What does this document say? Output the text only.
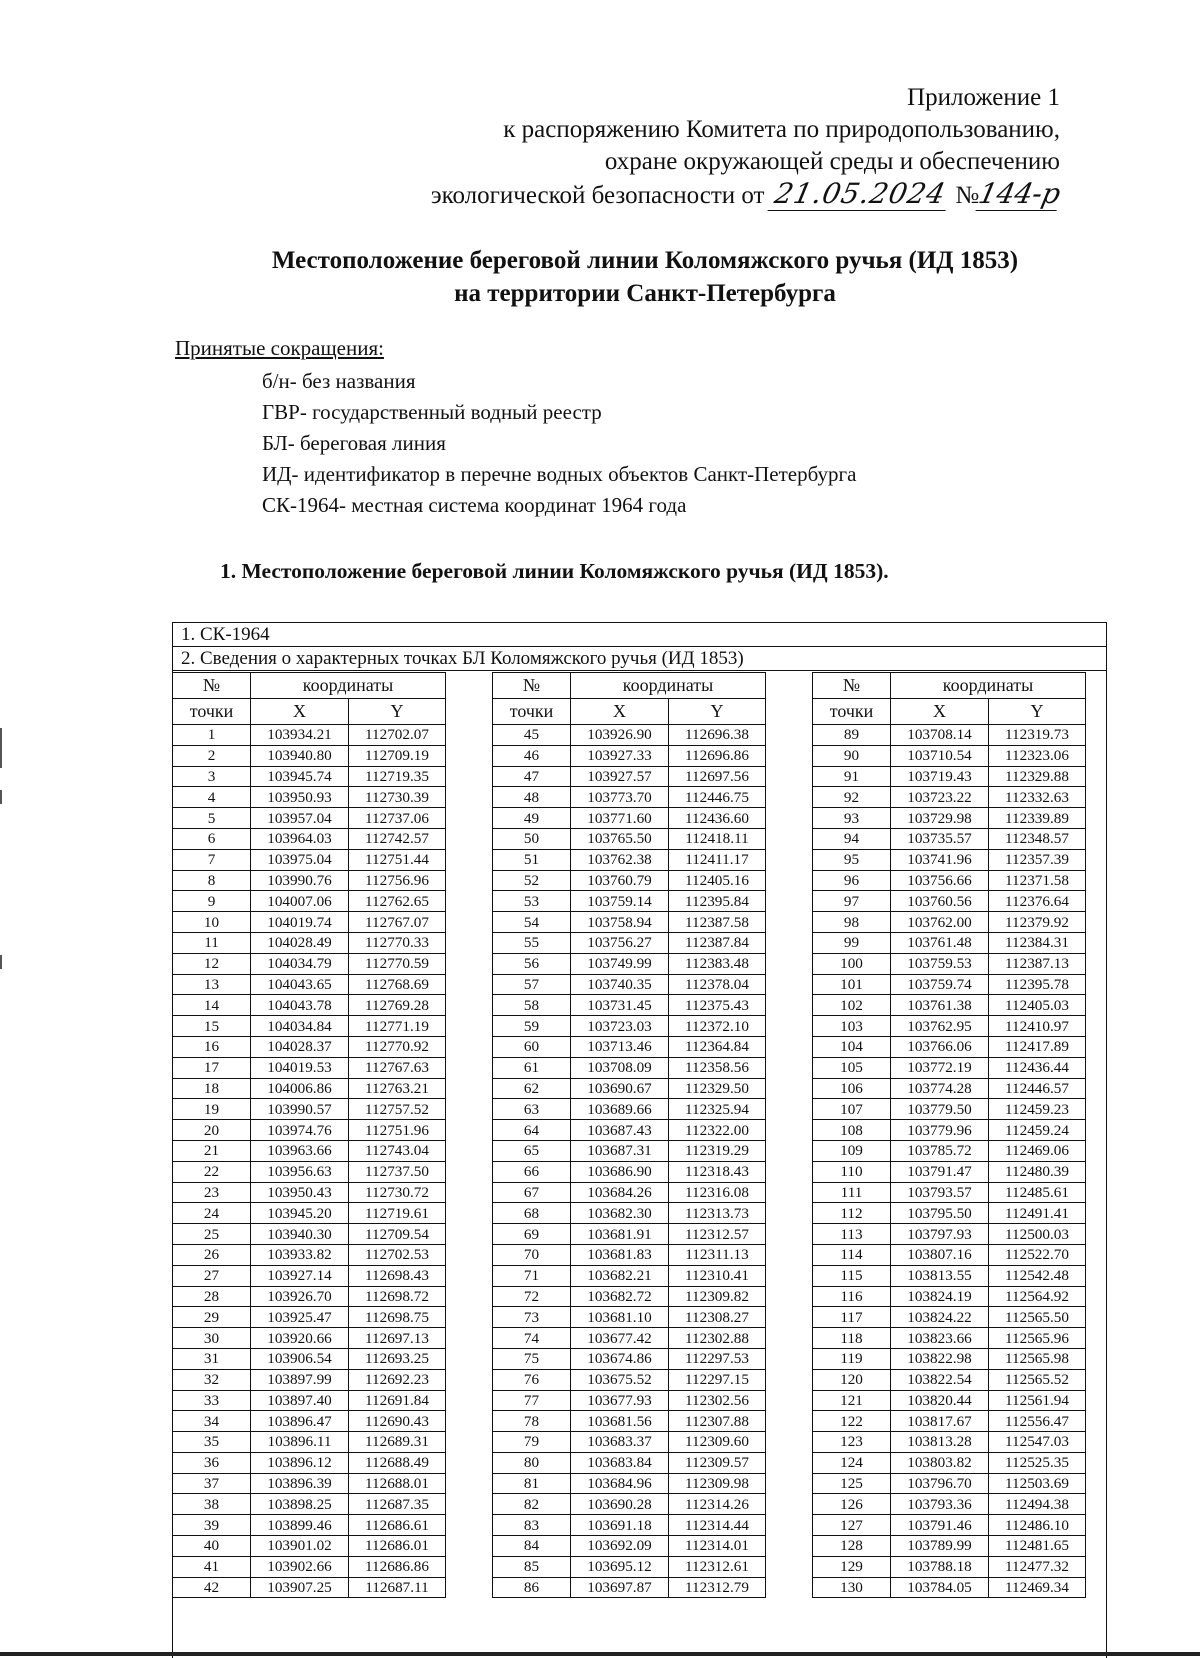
Приложение 1
к распоряжению Комитета по природопользованию,
охране окружающей среды и обеспечению
экологической безопасности от 21.05.2024 №144-р
Местоположение береговой линии Коломяжского ручья (ИД 1853)
на территории Санкт-Петербурга
Принятые сокращения:
б/н- без названия
ГВР- государственный водный реестр
БЛ- береговая линия
ИД- идентификатор в перечне водных объектов Санкт-Петербурга
СК-1964- местная система координат 1964 года
1. Местоположение береговой линии Коломяжского ручья (ИД 1853).
1. СК-1964
2. Сведения о характерных точках БЛ Коломяжского ручья (ИД 1853)
№	координаты	
точки	X	Y
1	103934.21	112702.07
2	103940.80	112709.19
3	103945.74	112719.35
4	103950.93	112730.39
5	103957.04	112737.06
6	103964.03	112742.57
7	103975.04	112751.44
8	103990.76	112756.96
9	104007.06	112762.65
10	104019.74	112767.07
11	104028.49	112770.33
12	104034.79	112770.59
13	104043.65	112768.69
14	104043.78	112769.28
15	104034.84	112771.19
16	104028.37	112770.92
17	104019.53	112767.63
18	104006.86	112763.21
19	103990.57	112757.52
20	103974.76	112751.96
21	103963.66	112743.04
22	103956.63	112737.50
23	103950.43	112730.72
24	103945.20	112719.61
25	103940.30	112709.54
26	103933.82	112702.53
27	103927.14	112698.43
28	103926.70	112698.72
29	103925.47	112698.75
30	103920.66	112697.13
31	103906.54	112693.25
32	103897.99	112692.23
33	103897.40	112691.84
34	103896.47	112690.43
35	103896.11	112689.31
36	103896.12	112688.49
37	103896.39	112688.01
38	103898.25	112687.35
39	103899.46	112686.61
40	103901.02	112686.01
41	103902.66	112686.86
42	103907.25	112687.11
№	координаты	
точки	X	Y
45	103926.90	112696.38
46	103927.33	112696.86
47	103927.57	112697.56
48	103773.70	112446.75
49	103771.60	112436.60
50	103765.50	112418.11
51	103762.38	112411.17
52	103760.79	112405.16
53	103759.14	112395.84
54	103758.94	112387.58
55	103756.27	112387.84
56	103749.99	112383.48
57	103740.35	112378.04
58	103731.45	112375.43
59	103723.03	112372.10
60	103713.46	112364.84
61	103708.09	112358.56
62	103690.67	112329.50
63	103689.66	112325.94
64	103687.43	112322.00
65	103687.31	112319.29
66	103686.90	112318.43
67	103684.26	112316.08
68	103682.30	112313.73
69	103681.91	112312.57
70	103681.83	112311.13
71	103682.21	112310.41
72	103682.72	112309.82
73	103681.10	112308.27
74	103677.42	112302.88
75	103674.86	112297.53
76	103675.52	112297.15
77	103677.93	112302.56
78	103681.56	112307.88
79	103683.37	112309.60
80	103683.84	112309.57
81	103684.96	112309.98
82	103690.28	112314.26
83	103691.18	112314.44
84	103692.09	112314.01
85	103695.12	112312.61
86	103697.87	112312.79
№	координаты	
точки	X	Y
89	103708.14	112319.73
90	103710.54	112323.06
91	103719.43	112329.88
92	103723.22	112332.63
93	103729.98	112339.89
94	103735.57	112348.57
95	103741.96	112357.39
96	103756.66	112371.58
97	103760.56	112376.64
98	103762.00	112379.92
99	103761.48	112384.31
100	103759.53	112387.13
101	103759.74	112395.78
102	103761.38	112405.03
103	103762.95	112410.97
104	103766.06	112417.89
105	103772.19	112436.44
106	103774.28	112446.57
107	103779.50	112459.23
108	103779.96	112459.24
109	103785.72	112469.06
110	103791.47	112480.39
111	103793.57	112485.61
112	103795.50	112491.41
113	103797.93	112500.03
114	103807.16	112522.70
115	103813.55	112542.48
116	103824.19	112564.92
117	103824.22	112565.50
118	103823.66	112565.96
119	103822.98	112565.98
120	103822.54	112565.52
121	103820.44	112561.94
122	103817.67	112556.47
123	103813.28	112547.03
124	103803.82	112525.35
125	103796.70	112503.69
126	103793.36	112494.38
127	103791.46	112486.10
128	103789.99	112481.65
129	103788.18	112477.32
130	103784.05	112469.34
